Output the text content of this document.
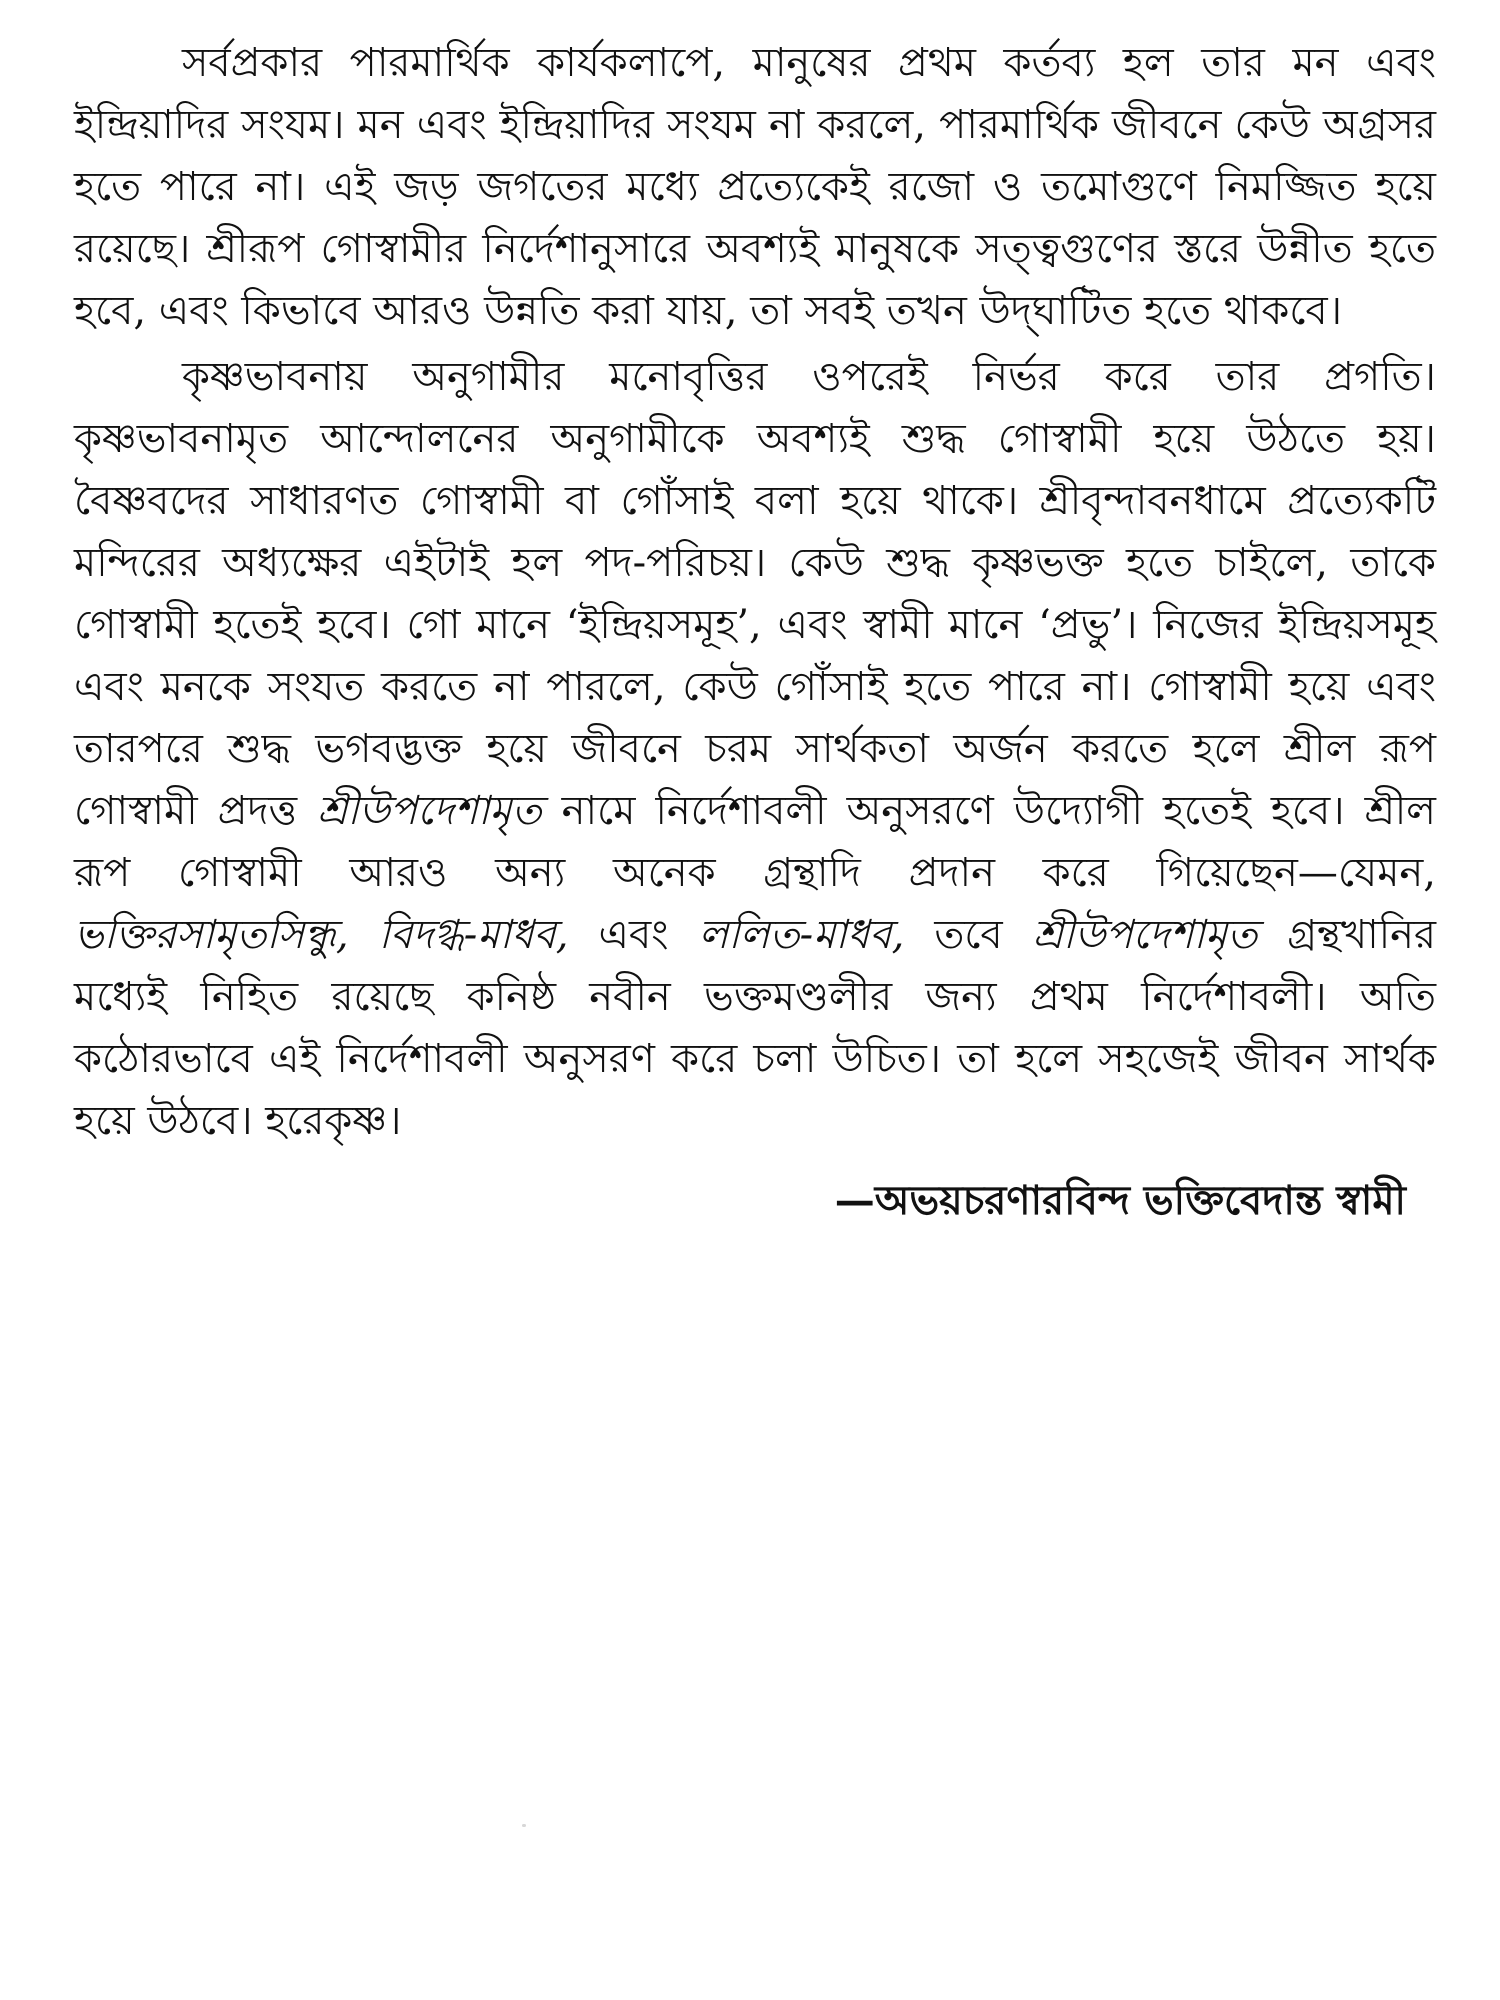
সর্বপ্রকার পারমার্থিক কার্যকলাপে, মানুষের প্রথম কর্তব্য হল তার মন এবং ইন্দ্রিয়াদির সংযম। মন এবং ইন্দ্রিয়াদির সংযম না করলে, পারমার্থিক জীবনে কেউ অগ্রসর হতে পারে না। এই জড় জগতের মধ্যে প্রত্যেকেই রজো ও তমোগুণে নিমজ্জিত হয়ে রয়েছে। শ্রীরূপ গোস্বামীর নির্দেশানুসারে অবশ্যই মানুষকে সত্ত্বগুণের স্তরে উন্নীত হতে হবে, এবং কিভাবে আরও উন্নতি করা যায়, তা সবই তখন উদ্‌ঘাটিত হতে থাকবে।

কৃষ্ণভাবনায় অনুগামীর মনোবৃত্তির ওপরেই নির্ভর করে তার প্রগতি। কৃষ্ণভাবনামৃত আন্দোলনের অনুগামীকে অবশ্যই শুদ্ধ গোস্বামী হয়ে উঠতে হয়। বৈষ্ণবদের সাধারণত গোস্বামী বা গোঁসাই বলা হয়ে থাকে। শ্রীবৃন্দাবনধামে প্রত্যেকটি মন্দিরের অধ্যক্ষের এইটাই হল পদ-পরিচয়। কেউ শুদ্ধ কৃষ্ণভক্ত হতে চাইলে, তাকে গোস্বামী হতেই হবে। গো মানে ‘ইন্দ্রিয়সমূহ’, এবং স্বামী মানে ‘প্রভু’। নিজের ইন্দ্রিয়সমূহ এবং মনকে সংযত করতে না পারলে, কেউ গোঁসাই হতে পারে না। গোস্বামী হয়ে এবং তারপরে শুদ্ধ ভগবদ্ভক্ত হয়ে জীবনে চরম সার্থকতা অর্জন করতে হলে শ্রীল রূপ গোস্বামী প্রদত্ত শ্রীউপদেশামৃত নামে নির্দেশাবলী অনুসরণে উদ্যোগী হতেই হবে। শ্রীল রূপ গোস্বামী আরও অন্য অনেক গ্রন্থাদি প্রদান করে গিয়েছেন—যেমন, ভক্তিরসামৃতসিন্ধু, বিদগ্ধ-মাধব, এবং ললিত-মাধব, তবে শ্রীউপদেশামৃত গ্রন্থখানির মধ্যেই নিহিত রয়েছে কনিষ্ঠ নবীন ভক্তমণ্ডলীর জন্য প্রথম নির্দেশাবলী। অতি কঠোরভাবে এই নির্দেশাবলী অনুসরণ করে চলা উচিত। তা হলে সহজেই জীবন সার্থক হয়ে উঠবে। হরেকৃষ্ণ।

—অভয়চরণারবিন্দ ভক্তিবেদান্ত স্বামী
